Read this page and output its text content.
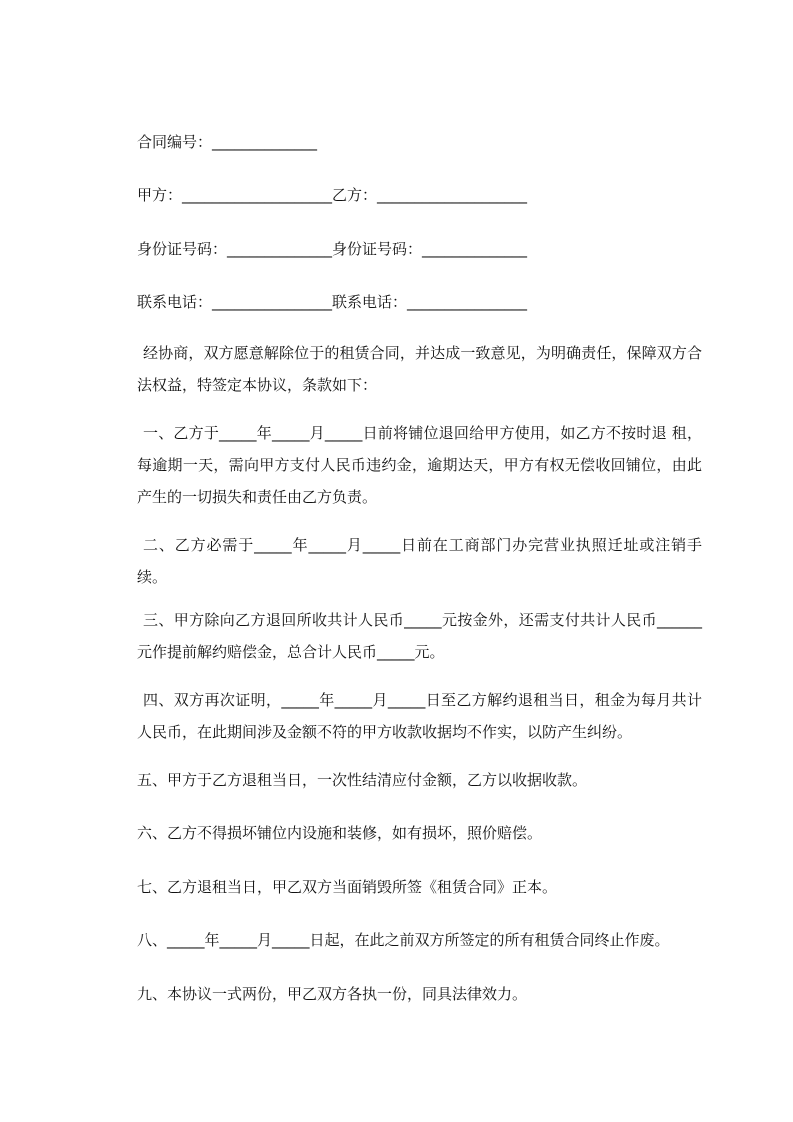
合同编号：______________
甲方：____________________乙方：____________________
身份证号码：______________身份证号码：______________
联系电话：________________联系电话：________________
经协商，双方愿意解除位于的租赁合同，并达成一致意见，为明确责任，保障双方合法权益，特签定本协议，条款如下：
一、乙方于_____年_____月_____日前将铺位退回给甲方使用，如乙方不按时退 租，每逾期一天，需向甲方支付人民币违约金，逾期达天，甲方有权无偿收回铺位，由此产生的一切损失和责任由乙方负责。
二、乙方必需于_____年_____月_____日前在工商部门办完营业执照迁址或注销手续。
三、甲方除向乙方退回所收共计人民币_____元按金外，还需支付共计人民币______元作提前解约赔偿金，总合计人民币_____元。
四、双方再次证明，_____年_____月_____日至乙方解约退租当日，租金为每月共计人民币，在此期间涉及金额不符的甲方收款收据均不作实，以防产生纠纷。
五、甲方于乙方退租当日，一次性结清应付金额，乙方以收据收款。
六、乙方不得损坏铺位内设施和装修，如有损坏，照价赔偿。
七、乙方退租当日，甲乙双方当面销毁所签《租赁合同》正本。
八、_____年_____月_____日起，在此之前双方所签定的所有租赁合同终止作废。
九、本协议一式两份，甲乙双方各执一份，同具法律效力。
